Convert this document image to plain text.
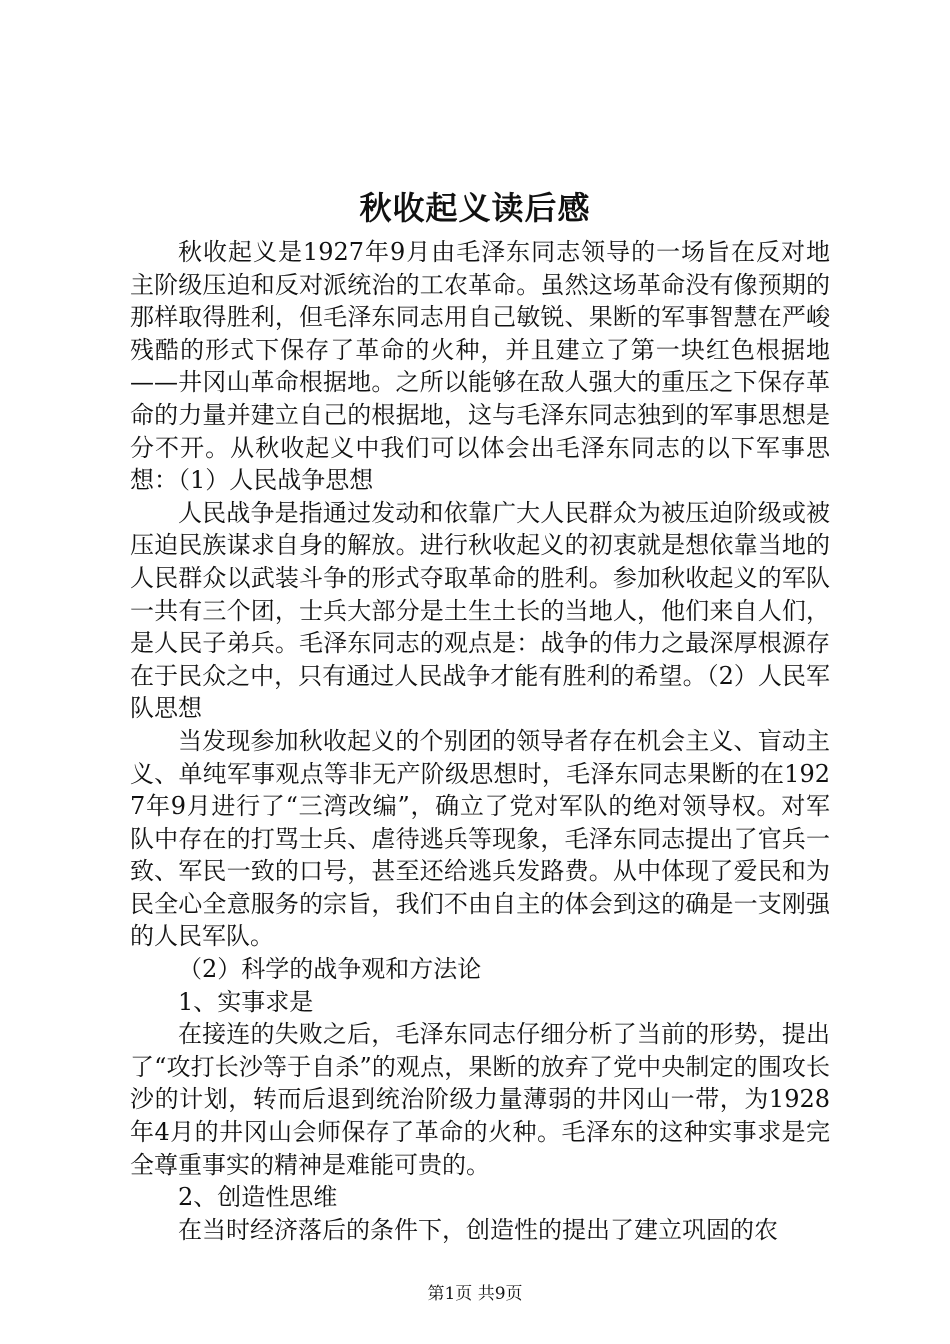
秋收起义读后感

秋收起义是1927年9月由毛泽东同志领导的一场旨在反对地主阶级压迫和反对派统治的工农革命。虽然这场革命没有像预期的那样取得胜利，但毛泽东同志用自己敏锐、果断的军事智慧在严峻残酷的形式下保存了革命的火种，并且建立了第一块红色根据地——井冈山革命根据地。之所以能够在敌人强大的重压之下保存革命的力量并建立自己的根据地，这与毛泽东同志独到的军事思想是分不开。从秋收起义中我们可以体会出毛泽东同志的以下军事思想：（1）人民战争思想

人民战争是指通过发动和依靠广大人民群众为被压迫阶级或被压迫民族谋求自身的解放。进行秋收起义的初衷就是想依靠当地的人民群众以武装斗争的形式夺取革命的胜利。参加秋收起义的军队一共有三个团，士兵大部分是土生土长的当地人，他们来自人们，是人民子弟兵。毛泽东同志的观点是：战争的伟力之最深厚根源存在于民众之中，只有通过人民战争才能有胜利的希望。（2）人民军队思想

当发现参加秋收起义的个别团的领导者存在机会主义、盲动主义、单纯军事观点等非无产阶级思想时，毛泽东同志果断的在1927年9月进行了“三湾改编”，确立了党对军队的绝对领导权。对军队中存在的打骂士兵、虐待逃兵等现象，毛泽东同志提出了官兵一致、军民一致的口号，甚至还给逃兵发路费。从中体现了爱民和为民全心全意服务的宗旨，我们不由自主的体会到这的确是一支刚强的人民军队。

（2）科学的战争观和方法论

1、实事求是

在接连的失败之后，毛泽东同志仔细分析了当前的形势，提出了“攻打长沙等于自杀”的观点，果断的放弃了党中央制定的围攻长沙的计划，转而后退到统治阶级力量薄弱的井冈山一带，为1928年4月的井冈山会师保存了革命的火种。毛泽东的这种实事求是完全尊重事实的精神是难能可贵的。

2、创造性思维

在当时经济落后的条件下，创造性的提出了建立巩固的农

第1页 共9页
